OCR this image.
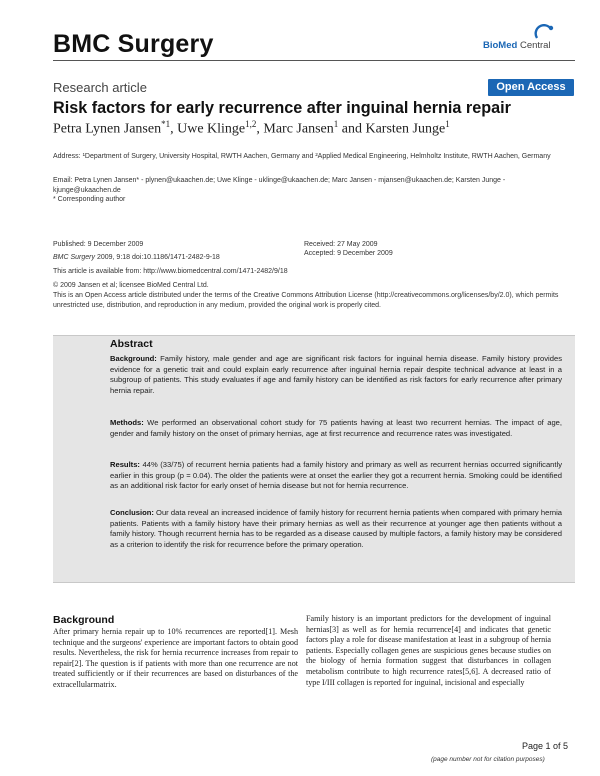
BMC Surgery	BioMed Central
Research article	Open Access
Risk factors for early recurrence after inguinal hernia repair
Petra Lynen Jansen$^{*1}$, Uwe Klinge$^{1,2}$, Marc Jansen$^1$ and Karsten Junge$^1$
Address: ¹Department of Surgery, University Hospital, RWTH Aachen, Germany and ²Applied Medical Engineering, Helmholtz Institute, RWTH Aachen, Germany
Email: Petra Lynen Jansen* - plynen@ukaachen.de; Uwe Klinge - uklinge@ukaachen.de; Marc Jansen - mjansen@ukaachen.de; Karsten Junge - kjunge@ukaachen.de
* Corresponding author
Published: 9 December 2009
BMC Surgery 2009, 9:18 doi:10.1186/1471-2482-9-18
Received: 27 May 2009
Accepted: 9 December 2009
This article is available from: http://www.biomedcentral.com/1471-2482/9/18
© 2009 Jansen et al; licensee BioMed Central Ltd.
This is an Open Access article distributed under the terms of the Creative Commons Attribution License (http://creativecommons.org/licenses/by/2.0), which permits unrestricted use, distribution, and reproduction in any medium, provided the original work is properly cited.
Abstract
Background: Family history, male gender and age are significant risk factors for inguinal hernia disease. Family history provides evidence for a genetic trait and could explain early recurrence after inguinal hernia repair despite technical advance at least in a subgroup of patients. This study evaluates if age and family history can be identified as risk factors for early recurrence after primary hernia repair.
Methods: We performed an observational cohort study for 75 patients having at least two recurrent hernias. The impact of age, gender and family history on the onset of primary hernias, age at first recurrence and recurrence rates was investigated.
Results: 44% (33/75) of recurrent hernia patients had a family history and primary as well as recurrent hernias occurred significantly earlier in this group (p = 0.04). The older the patients were at onset the earlier they got a recurrent hernia. Smoking could be identified as an additional risk factor for early onset of hernia disease but not for hernia recurrence.
Conclusion: Our data reveal an increased incidence of family history for recurrent hernia patients when compared with primary hernia patients. Patients with a family history have their primary hernias as well as their recurrence at younger age then patients without a family history. Though recurrent hernia has to be regarded as a disease caused by multiple factors, a family history may be considered as a criterion to identify the risk for recurrence before the primary operation.
Background
After primary hernia repair up to 10% recurrences are reported[1]. Mesh technique and the surgeons' experience are important factors to obtain good results. Nevertheless, the risk for hernia recurrence increases from repair to repair[2]. The question is if patients with more than one recurrence are not treated sufficiently or if their recurrences are based on disturbances of the extracellularmatrix.
Family history is an important predictors for the development of inguinal hernias[3] as well as for hernia recurrence[4] and indicates that genetic factors play a role for disease manifestation at least in a subgroup of hernia patients. Especially collagen genes are suspicious genes because studies on the biology of hernia formation suggest that disturbances in collagen metabolism contribute to high recurrence rates[5,6]. A decreased ratio of type I/III collagen is reported for inguinal, incisional and especially
Page 1 of 5
(page number not for citation purposes)
